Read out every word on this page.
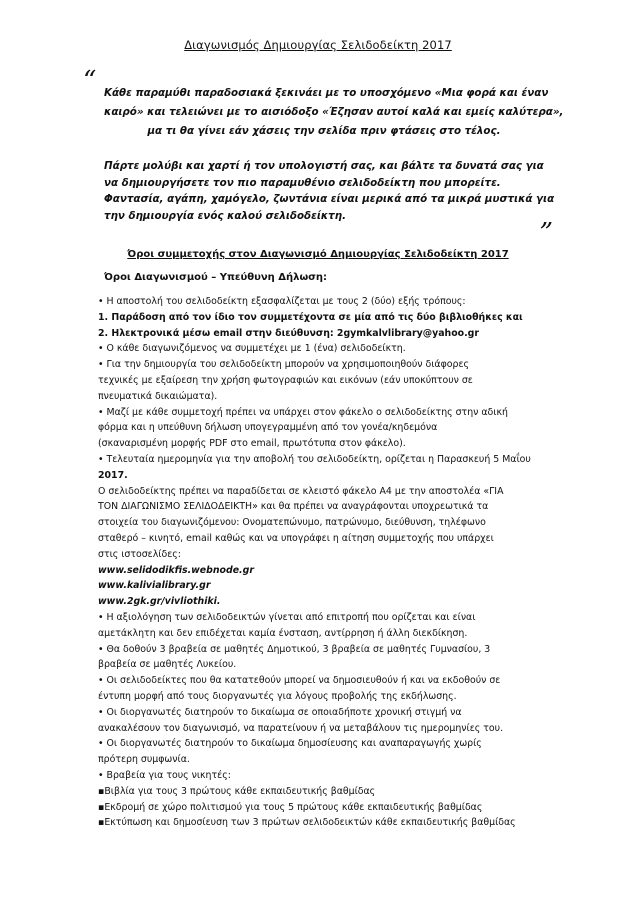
Διαγωνισμός Δημιουργίας Σελιδοδείκτη 2017
“ Κάθε παραμύθι παραδοσιακά ξεκινάει με το υποσχόμενο «Μια φορά και έναν
καιρό» και τελειώνει με το αισιόδοξο «Έζησαν αυτοί καλά και εμείς καλύτερα»,
μα τι θα γίνει εάν χάσεις την σελίδα πριν φτάσεις στο τέλος.
Πάρτε μολύβι και χαρτί ή τον υπολογιστή σας, και βάλτε τα δυνατά σας για
να δημιουργήσετε τον πιο παραμυθένιο σελιδοδείκτη που μπορείτε.
Φαντασία, αγάπη, χαμόγελο, ζωντάνια είναι μερικά από τα μικρά μυστικά για
την δημιουργία ενός καλού σελιδοδείκτη.	„
Όροι συμμετοχής στον Διαγωνισμό Δημιουργίας Σελιδοδείκτη 2017
Όροι Διαγωνισμού – Υπεύθυνη Δήλωση:
• Η αποστολή του σελιδοδείκτη εξασφαλίζεται με τους 2 (δύο) εξής τρόπους:
1. Παράδοση από τον ίδιο τον συμμετέχοντα σε μία από τις δύο βιβλιοθήκες και
2. Ηλεκτρονικά μέσω email στην διεύθυνση: 2gymkalvlibrary@yahoo.gr
• Ο κάθε διαγωνιζόμενος να συμμετέχει με 1 (ένα) σελιδοδείκτη.
• Για την δημιουργία του σελιδοδείκτη μπορούν να χρησιμοποιηθούν διάφορες
τεχνικές με εξαίρεση την χρήση φωτογραφιών και εικόνων (εάν υποκύπτουν σε
πνευματικά δικαιώματα).
• Μαζί με κάθε συμμετοχή πρέπει να υπάρχει στον φάκελο ο σελιδοδείκτης στην αδική
φόρμα και η υπεύθυνη δήλωση υπογεγραμμένη από τον γονέα/κηδεμόνα
(σκαναρισμένη μορφής PDF στο email, πρωτότυπα στον φάκελο).
• Τελευταία ημερομηνία για την αποβολή του σελιδοδείκτη, ορίζεται η Παρασκευή 5 Μαΐου
2017.
Ο σελιδοδείκτης πρέπει να παραδίδεται σε κλειστό φάκελο Α4 με την αποστολέα «ΓΙΑ
ΤΟΝ ΔΙΑΓΩΝΙΣΜΟ ΣΕΛΙΔΟΔΕΙΚΤΗ» και θα πρέπει να αναγράφονται υποχρεωτικά τα
στοιχεία του διαγωνιζόμενου: Ονοματεπώνυμο, πατρώνυμο, διεύθυνση, τηλέφωνο
σταθερό – κινητό, email καθώς και να υπογράφει η αίτηση συμμετοχής που υπάρχει
στις ιστοσελίδες:
www.selidodikfis.webnode.gr
www.kalivialibrary.gr
www.2gk.gr/vivliothiki.
• Η αξιολόγηση των σελιδοδεικτών γίνεται από επιτροπή που ορίζεται και είναι
αμετάκλητη και δεν επιδέχεται καμία ένσταση, αντίρρηση ή άλλη διεκδίκηση.
• Θα δοθούν 3 βραβεία σε μαθητές Δημοτικού, 3 βραβεία σε μαθητές Γυμνασίου, 3
βραβεία σε μαθητές Λυκείου.
• Οι σελιδοδείκτες που θα κατατεθούν μπορεί να δημοσιευθούν ή και να εκδοθούν σε
έντυπη μορφή από τους διοργανωτές για λόγους προβολής της εκδήλωσης.
• Οι διοργανωτές διατηρούν το δικαίωμα σε οποιαδήποτε χρονική στιγμή να
ανακαλέσουν τον διαγωνισμό, να παρατείνουν ή να μεταβάλουν τις ημερομηνίες του.
• Οι διοργανωτές διατηρούν το δικαίωμα δημοσίευσης και αναπαραγωγής χωρίς
πρότερη συμφωνία.
• Βραβεία για τους νικητές:
▪Βιβλία για τους 3 πρώτους κάθε εκπαιδευτικής βαθμίδας
▪Εκδρομή σε χώρο πολιτισμού για τους 5 πρώτους κάθε εκπαιδευτικής βαθμίδας
▪Εκτύπωση και δημοσίευση των 3 πρώτων σελιδοδεικτών κάθε εκπαιδευτικής βαθμίδας
